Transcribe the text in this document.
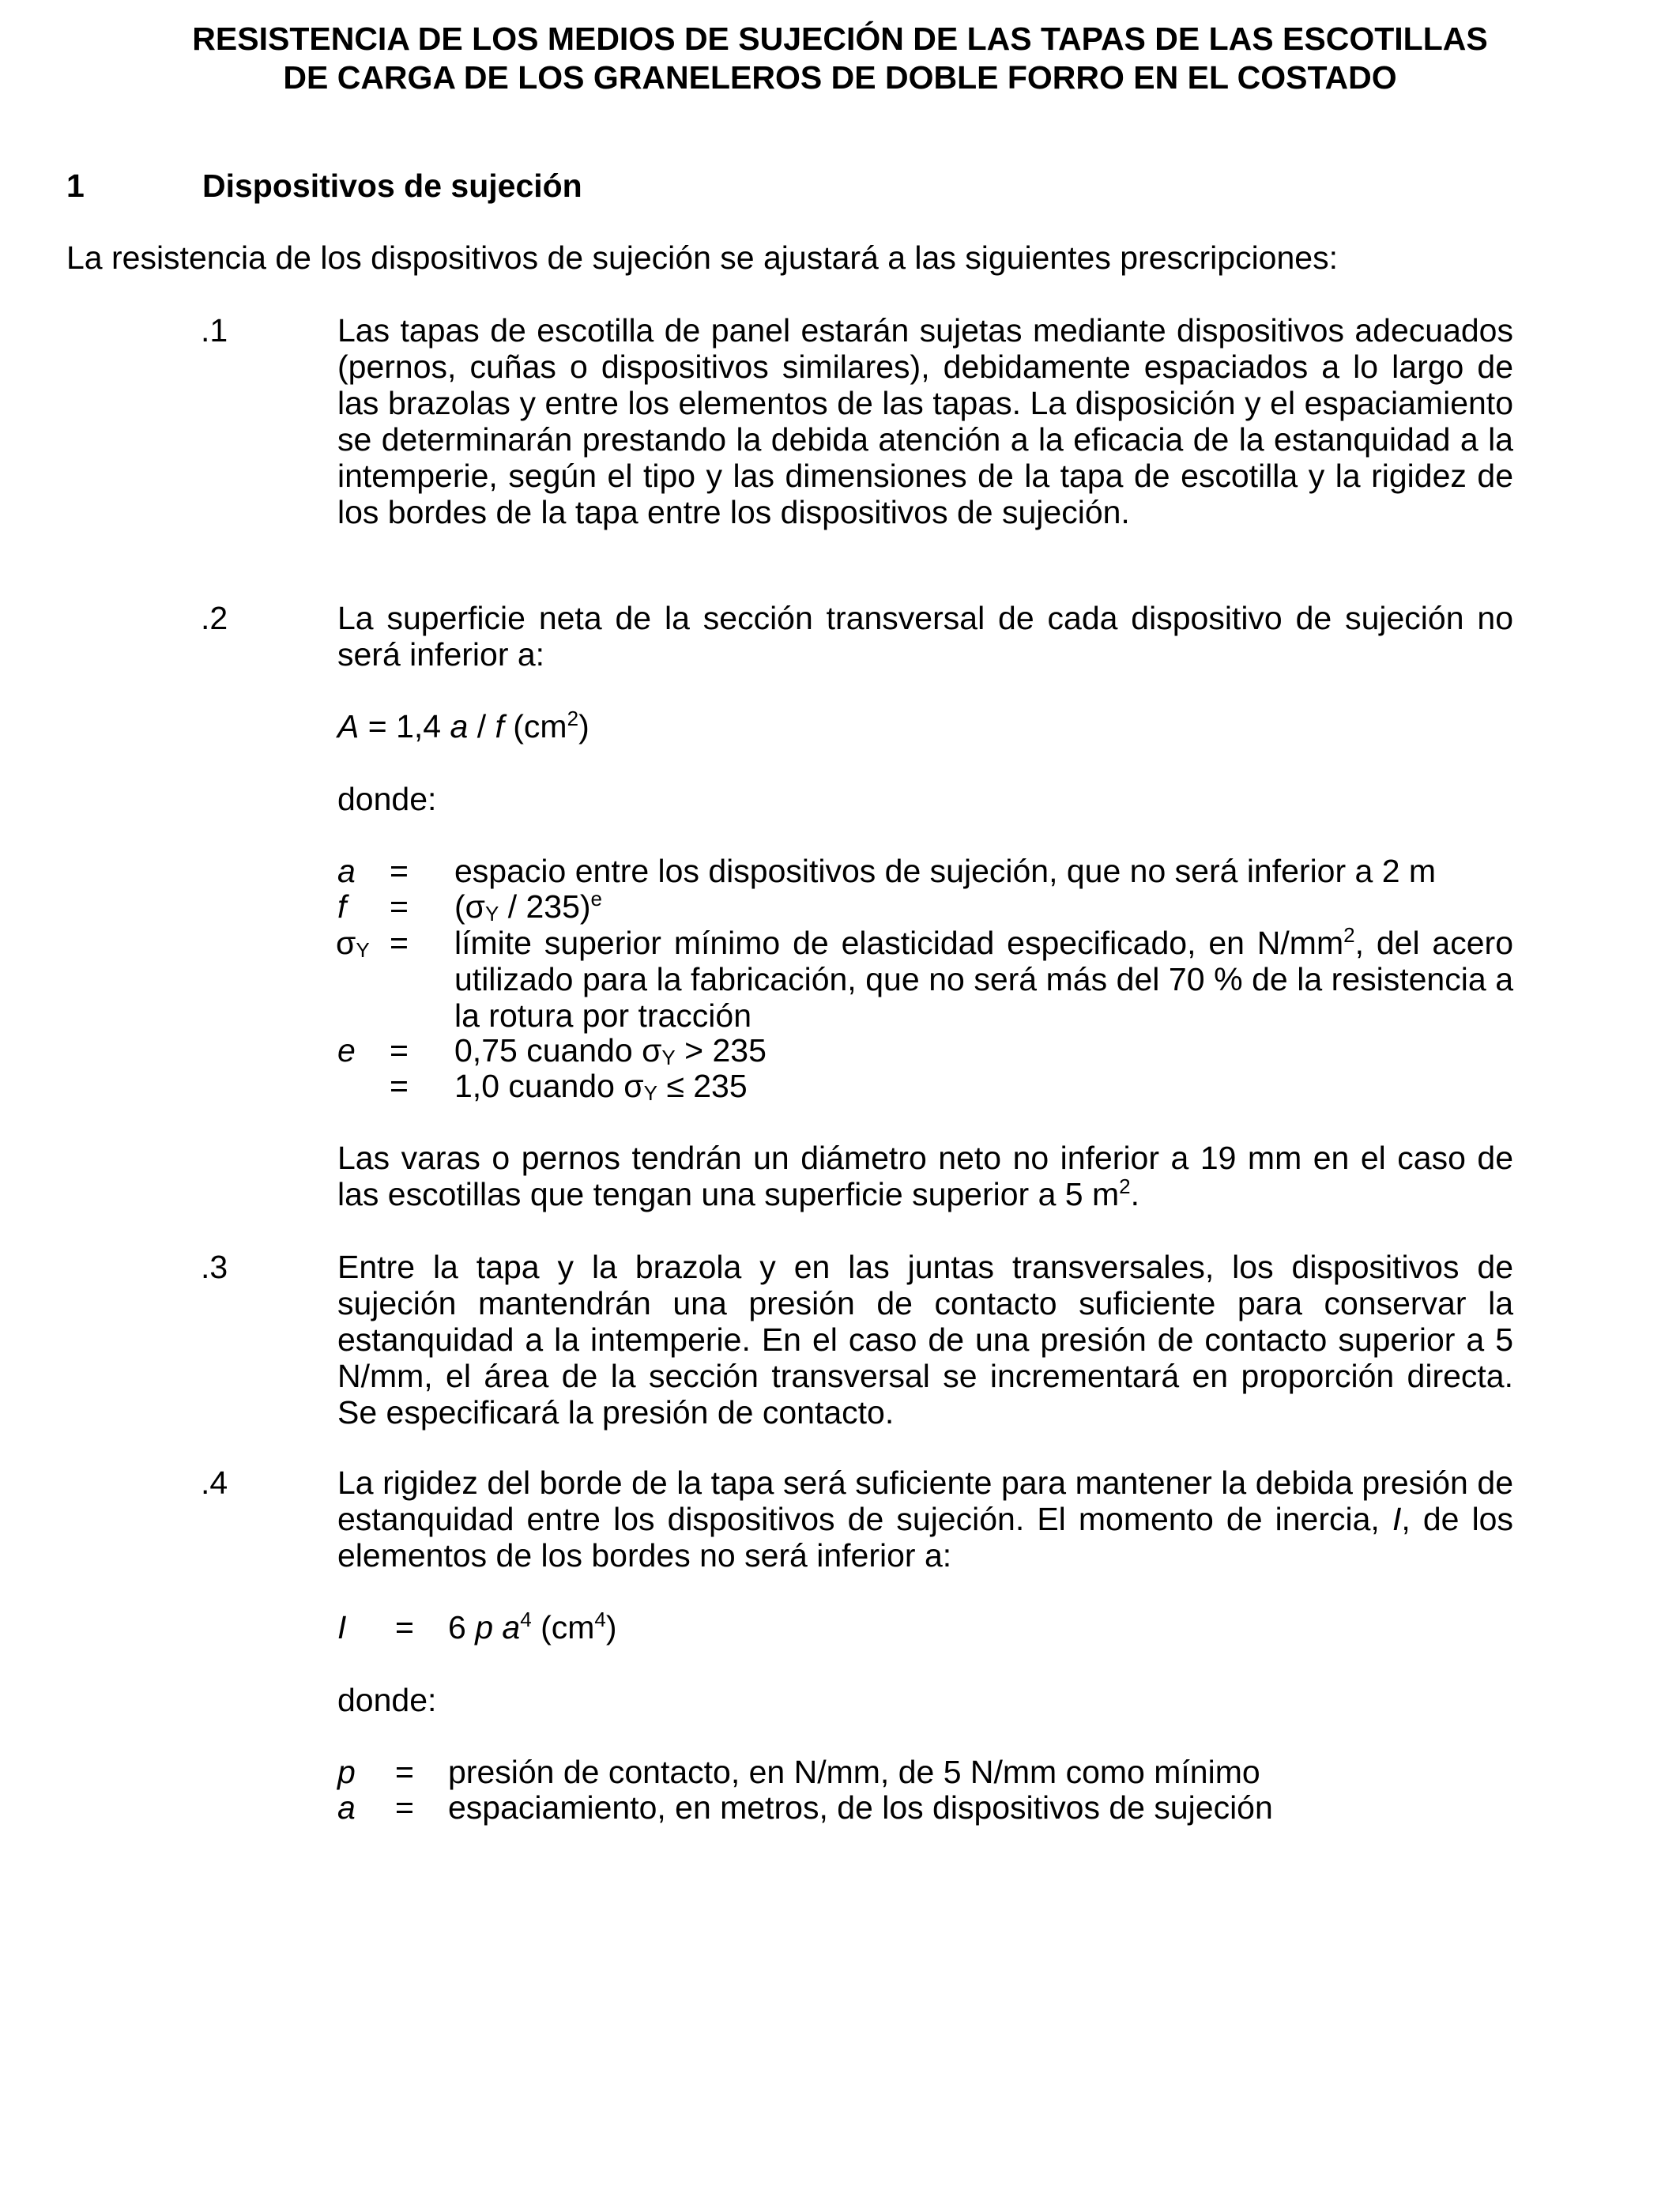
RESISTENCIA DE LOS MEDIOS DE SUJECIÓN DE LAS TAPAS DE LAS ESCOTILLAS
DE CARGA DE LOS GRANELEROS DE DOBLE FORRO EN EL COSTADO
1	Dispositivos de sujeción
La resistencia de los dispositivos de sujeción se ajustará a las siguientes prescripciones:
.1	Las tapas de escotilla de panel estarán sujetas mediante dispositivos adecuados (pernos, cuñas o dispositivos similares), debidamente espaciados a lo largo de las brazolas y entre los elementos de las tapas. La disposición y el espaciamiento se determinarán prestando la debida atención a la eficacia de la estanquidad a la intemperie, según el tipo y las dimensiones de la tapa de escotilla y la rigidez de los bordes de la tapa entre los dispositivos de sujeción.
.2	La superficie neta de la sección transversal de cada dispositivo de sujeción no será inferior a:
A = 1,4 a / f $(cm^2)$
donde:
a = espacio entre los dispositivos de sujeción, que no será inferior a 2 m
$f = (\sigma_Y / 235)^e$
$\sigma_Y$ = límite superior mínimo de elasticidad especificado, en $N/mm^2$, del acero utilizado para la fabricación, que no será más del 70 % de la resistencia a la rotura por tracción
e = 0,75 cuando $\sigma_Y > 235$
= 1,0 cuando $\sigma_Y \le 235$
Las varas o pernos tendrán un diámetro neto no inferior a 19 mm en el caso de las escotillas que tengan una superficie superior a 5 $m^2$.
.3	Entre la tapa y la brazola y en las juntas transversales, los dispositivos de sujeción mantendrán una presión de contacto suficiente para conservar la estanquidad a la intemperie. En el caso de una presión de contacto superior a 5 N/mm, el área de la sección transversal se incrementará en proporción directa. Se especificará la presión de contacto.
.4	La rigidez del borde de la tapa será suficiente para mantener la debida presión de estanquidad entre los dispositivos de sujeción. El momento de inercia, I, de los elementos de los bordes no será inferior a:
I = 6 p $a^4$ $(cm^4)$
donde:
p = presión de contacto, en N/mm, de 5 N/mm como mínimo
a = espaciamiento, en metros, de los dispositivos de sujeción
